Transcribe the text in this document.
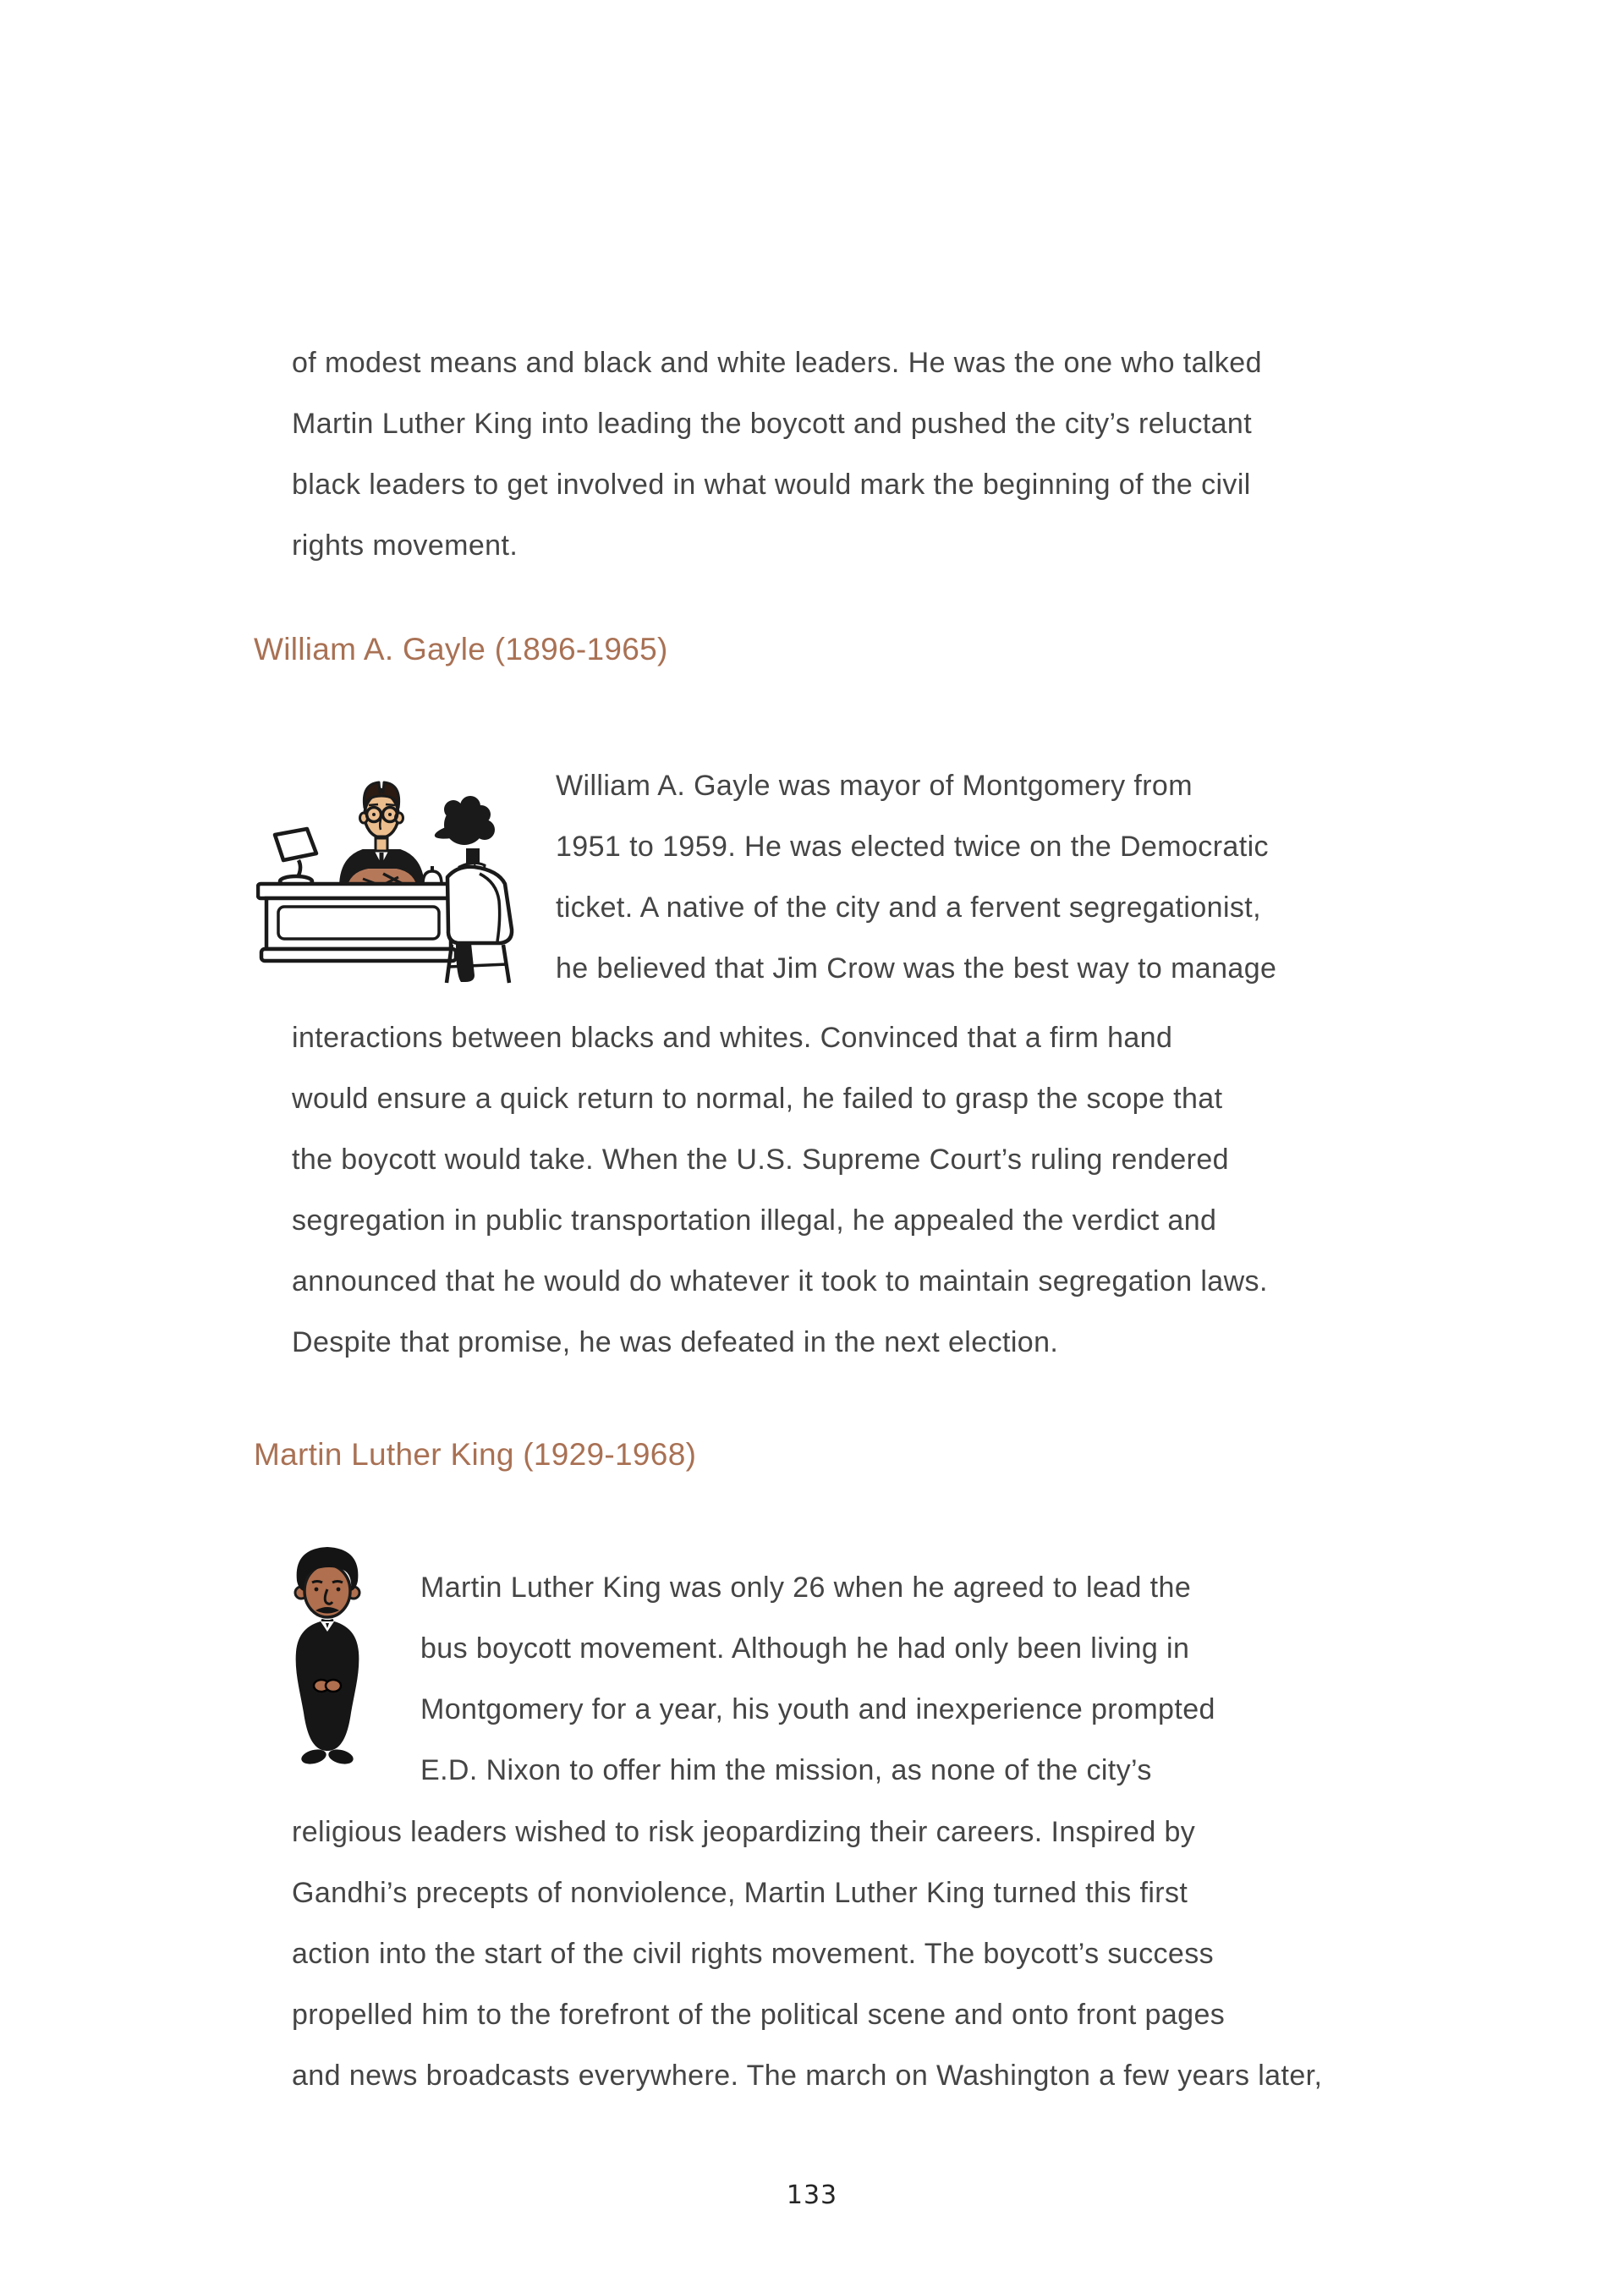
of modest means and black and white leaders. He was the one who talked
Martin Luther King into leading the boycott and pushed the city’s reluctant
black leaders to get involved in what would mark the beginning of the civil
rights movement.
William A. Gayle (1896-1965)
William A. Gayle was mayor of Montgomery from
1951 to 1959. He was elected twice on the Democratic
ticket. A native of the city and a fervent segregationist,
he believed that Jim Crow was the best way to manage
interactions between blacks and whites. Convinced that a firm hand
would ensure a quick return to normal, he failed to grasp the scope that
the boycott would take. When the U.S. Supreme Court’s ruling rendered
segregation in public transportation illegal, he appealed the verdict and
announced that he would do whatever it took to maintain segregation laws.
Despite that promise, he was defeated in the next election.
Martin Luther King (1929-1968)
Martin Luther King was only 26 when he agreed to lead the
bus boycott movement. Although he had only been living in
Montgomery for a year, his youth and inexperience prompted
E.D. Nixon to offer him the mission, as none of the city’s
religious leaders wished to risk jeopardizing their careers. Inspired by
Gandhi’s precepts of nonviolence, Martin Luther King turned this first
action into the start of the civil rights movement. The boycott’s success
propelled him to the forefront of the political scene and onto front pages
and news broadcasts everywhere. The march on Washington a few years later,
133
